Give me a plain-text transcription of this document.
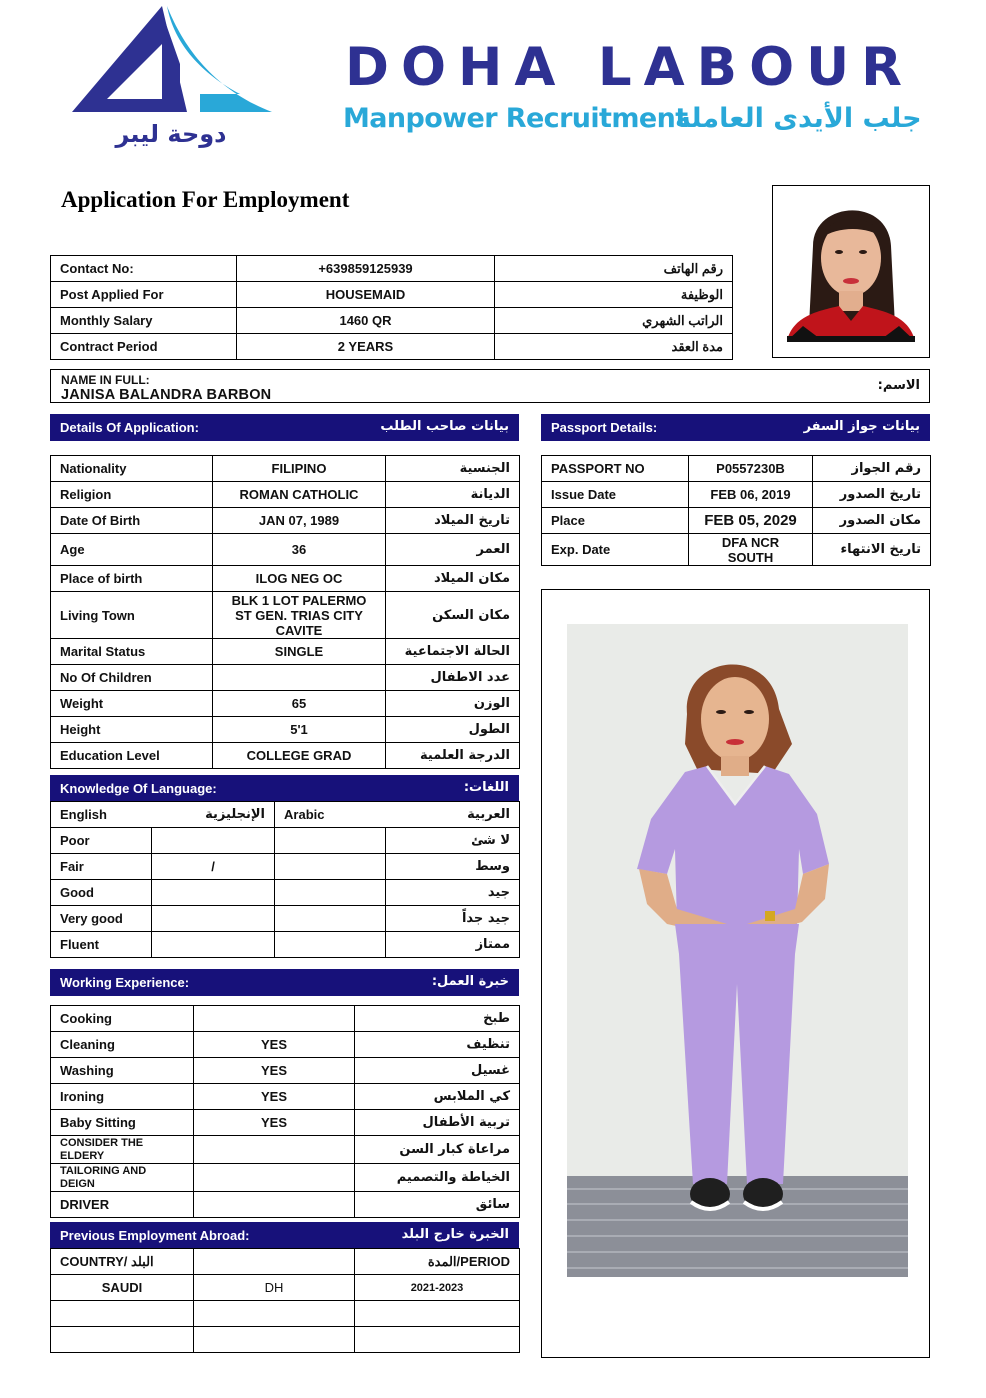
دوحة ليبر
DOHA LABOUR
Manpower Recruitment
جلب الأيدى العاملة
Application For Employment
Contact No:	+639859125939	رقم الهاتف
Post Applied For	HOUSEMAID	الوظيفة
Monthly Salary	1460 QR	الراتب الشهري
Contract Period	2 YEARS	مدة العقد
NAME IN FULL:
JANISA BALANDRA BARBON
الاسم:
Details Of Application:	بيانات صاحب الطلب	Passport Details:	بيانات جواز السفر
Nationality	FILIPINO	الجنسية
Religion	ROMAN CATHOLIC	الديانة
Date Of Birth	JAN 07, 1989	تاريخ الميلاد
Age	36	العمر
Place of birth	ILOG NEG OC	مكان الميلاد
Living Town	BLK 1 LOT PALERMO ST GEN. TRIAS CITY CAVITE	مكان السكن
Marital Status	SINGLE	الحالة الاجتماعية
No Of Children		عدد الاطفال
Weight	65	الوزن
Height	5'1	الطول
Education Level	COLLEGE GRAD	الدرجة العلمية
PASSPORT NO	P0557230B	رقم الجواز
Issue Date	FEB 06, 2019	تاريخ الصدور
Place	FEB 05, 2029	مكان الصدور
Exp. Date	DFA NCR SOUTH	تاريخ الانتهاء
Knowledge Of Language:	اللغات:
English الإنجليزية		Arabic العربية	

Poor			لا شئ
Fair	/		وسط
Good			جيد
Very good			جيد جداً
Fluent			ممتاز
Working Experience:	خبرة العمل:
Cooking		طبخ
Cleaning	YES	تنظيف
Washing	YES	غسيل
Ironing	YES	كي الملابس
Baby Sitting	YES	تربية الأطفال
CONSIDER THE ELDERY		مراعاة كبار السن
TAILORING AND DEIGN		الخياطة والتصميم
DRIVER		سائق
Previous Employment Abroad:	الخبرة خارج البلد
COUNTRY/ البلد		PERIOD/المدة
SAUDI	DH	2021-2023
